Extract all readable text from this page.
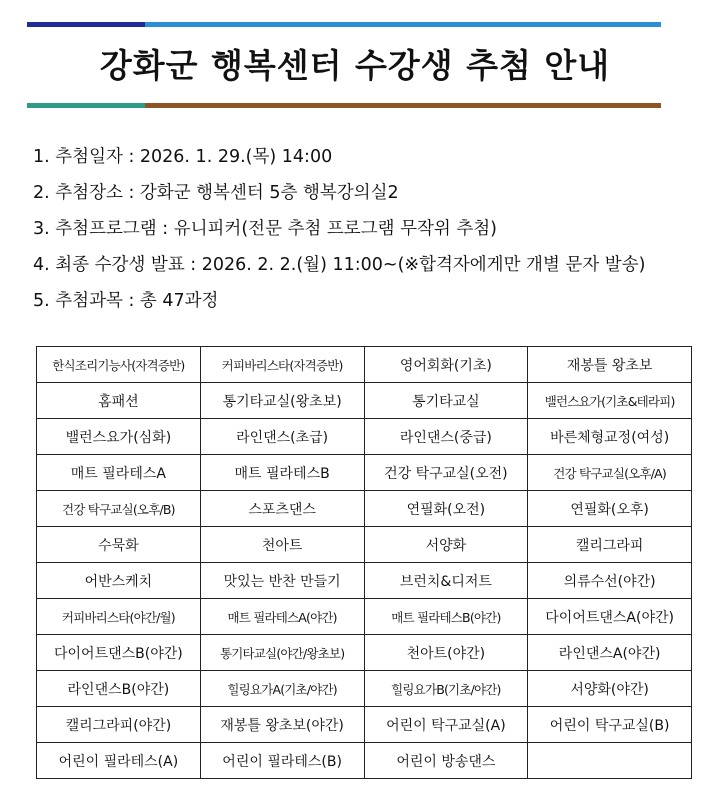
강화군 행복센터 수강생 추첨 안내
1. 추첨일자 : 2026. 1. 29.(목) 14:00
2. 추첨장소 : 강화군 행복센터 5층 행복강의실2
3. 추첨프로그램 : 유니피커(전문 추첨 프로그램 무작위 추첨)
4. 최종 수강생 발표 : 2026. 2. 2.(월) 11:00~(※합격자에게만 개별 문자 발송)
5. 추첨과목 : 총 47과정
한식조리기능사(자격증반)	커피바리스타(자격증반)	영어회화(기초)	재봉틀 왕초보
홈패션	통기타교실(왕초보)	통기타교실	밸런스요가(기초&테라피)
밸런스요가(심화)	라인댄스(초급)	라인댄스(중급)	바른체형교정(여성)
매트 필라테스A	매트 필라테스B	건강 탁구교실(오전)	건강 탁구교실(오후/A)
건강 탁구교실(오후/B)	스포츠댄스	연필화(오전)	연필화(오후)
수묵화	천아트	서양화	캘리그라피
어반스케치	맛있는 반찬 만들기	브런치&디저트	의류수선(야간)
커피바리스타(야간/월)	매트 필라테스A(야간)	매트 필라테스B(야간)	다이어트댄스A(야간)
다이어트댄스B(야간)	통기타교실(야간/왕초보)	천아트(야간)	라인댄스A(야간)
라인댄스B(야간)	힐링요가A(기초/야간)	힐링요가B(기초/야간)	서양화(야간)
캘리그라피(야간)	재봉틀 왕초보(야간)	어린이 탁구교실(A)	어린이 탁구교실(B)
어린이 필라테스(A)	어린이 필라테스(B)	어린이 방송댄스	
